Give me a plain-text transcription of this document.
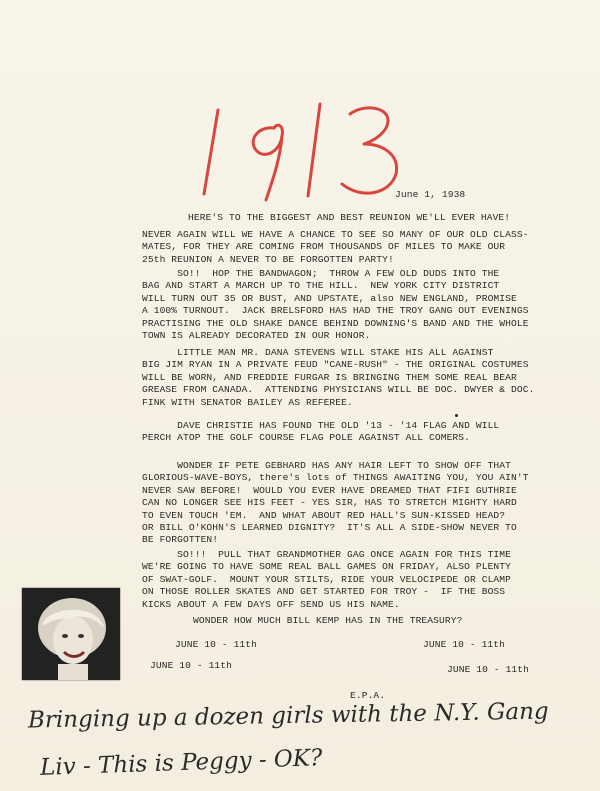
June 1, 1938
HERE'S TO THE BIGGEST AND BEST REUNION WE'LL EVER HAVE!
NEVER AGAIN WILL WE HAVE A CHANCE TO SEE SO MANY OF OUR OLD CLASS-
MATES, FOR THEY ARE COMING FROM THOUSANDS OF MILES TO MAKE OUR
25th REUNION A NEVER TO BE FORGOTTEN PARTY!
SO!!  HOP THE BANDWAGON;  THROW A FEW OLD DUDS INTO THE
BAG AND START A MARCH UP TO THE HILL.  NEW YORK CITY DISTRICT
WILL TURN OUT 35 OR BUST, AND UPSTATE, also NEW ENGLAND, PROMISE
A 100% TURNOUT.  JACK BRELSFORD HAS HAD THE TROY GANG OUT EVENINGS
PRACTISING THE OLD SHAKE DANCE BEHIND DOWNING'S BAND AND THE WHOLE
TOWN IS ALREADY DECORATED IN OUR HONOR.
LITTLE MAN MR. DANA STEVENS WILL STAKE HIS ALL AGAINST
BIG JIM RYAN IN A PRIVATE FEUD "CANE-RUSH" - THE ORIGINAL COSTUMES
WILL BE WORN, AND FREDDIE FURGAR IS BRINGING THEM SOME REAL BEAR
GREASE FROM CANADA.  ATTENDING PHYSICIANS WILL BE DOC. DWYER & DOC.
FINK WITH SENATOR BAILEY AS REFEREE.
DAVE CHRISTIE HAS FOUND THE OLD '13 - '14 FLAG AND WILL
PERCH ATOP THE GOLF COURSE FLAG POLE AGAINST ALL COMERS.
WONDER IF PETE GEBHARD HAS ANY HAIR LEFT TO SHOW OFF THAT
GLORIOUS-WAVE-BOYS, there's lots of THINGS AWAITING YOU, YOU AIN'T
NEVER SAW BEFORE!  WOULD YOU EVER HAVE DREAMED THAT FIFI GUTHRIE
CAN NO LONGER SEE HIS FEET - YES SIR, HAS TO STRETCH MIGHTY HARD
TO EVEN TOUCH 'EM.  AND WHAT ABOUT RED HALL'S SUN-KISSED HEAD?
OR BILL O'KOHN'S LEARNED DIGNITY?  IT'S ALL A SIDE-SHOW NEVER TO
BE FORGOTTEN!
SO!!!  PULL THAT GRANDMOTHER GAG ONCE AGAIN FOR THIS TIME
WE'RE GOING TO HAVE SOME REAL BALL GAMES ON FRIDAY, ALSO PLENTY
OF SWAT-GOLF.  MOUNT YOUR STILTS, RIDE YOUR VELOCIPEDE OR CLAMP
ON THOSE ROLLER SKATES AND GET STARTED FOR TROY -  IF THE BOSS
KICKS ABOUT A FEW DAYS OFF SEND US HIS NAME.
WONDER HOW MUCH BILL KEMP HAS IN THE TREASURY?
JUNE 10 - 11th	JUNE 10 - 11th
JUNE 10 - 11th	JUNE 10 - 11th
E.P.A.
Bringing up a dozen girls with the N.Y. Gang
Liv - This is Peggy - OK?
